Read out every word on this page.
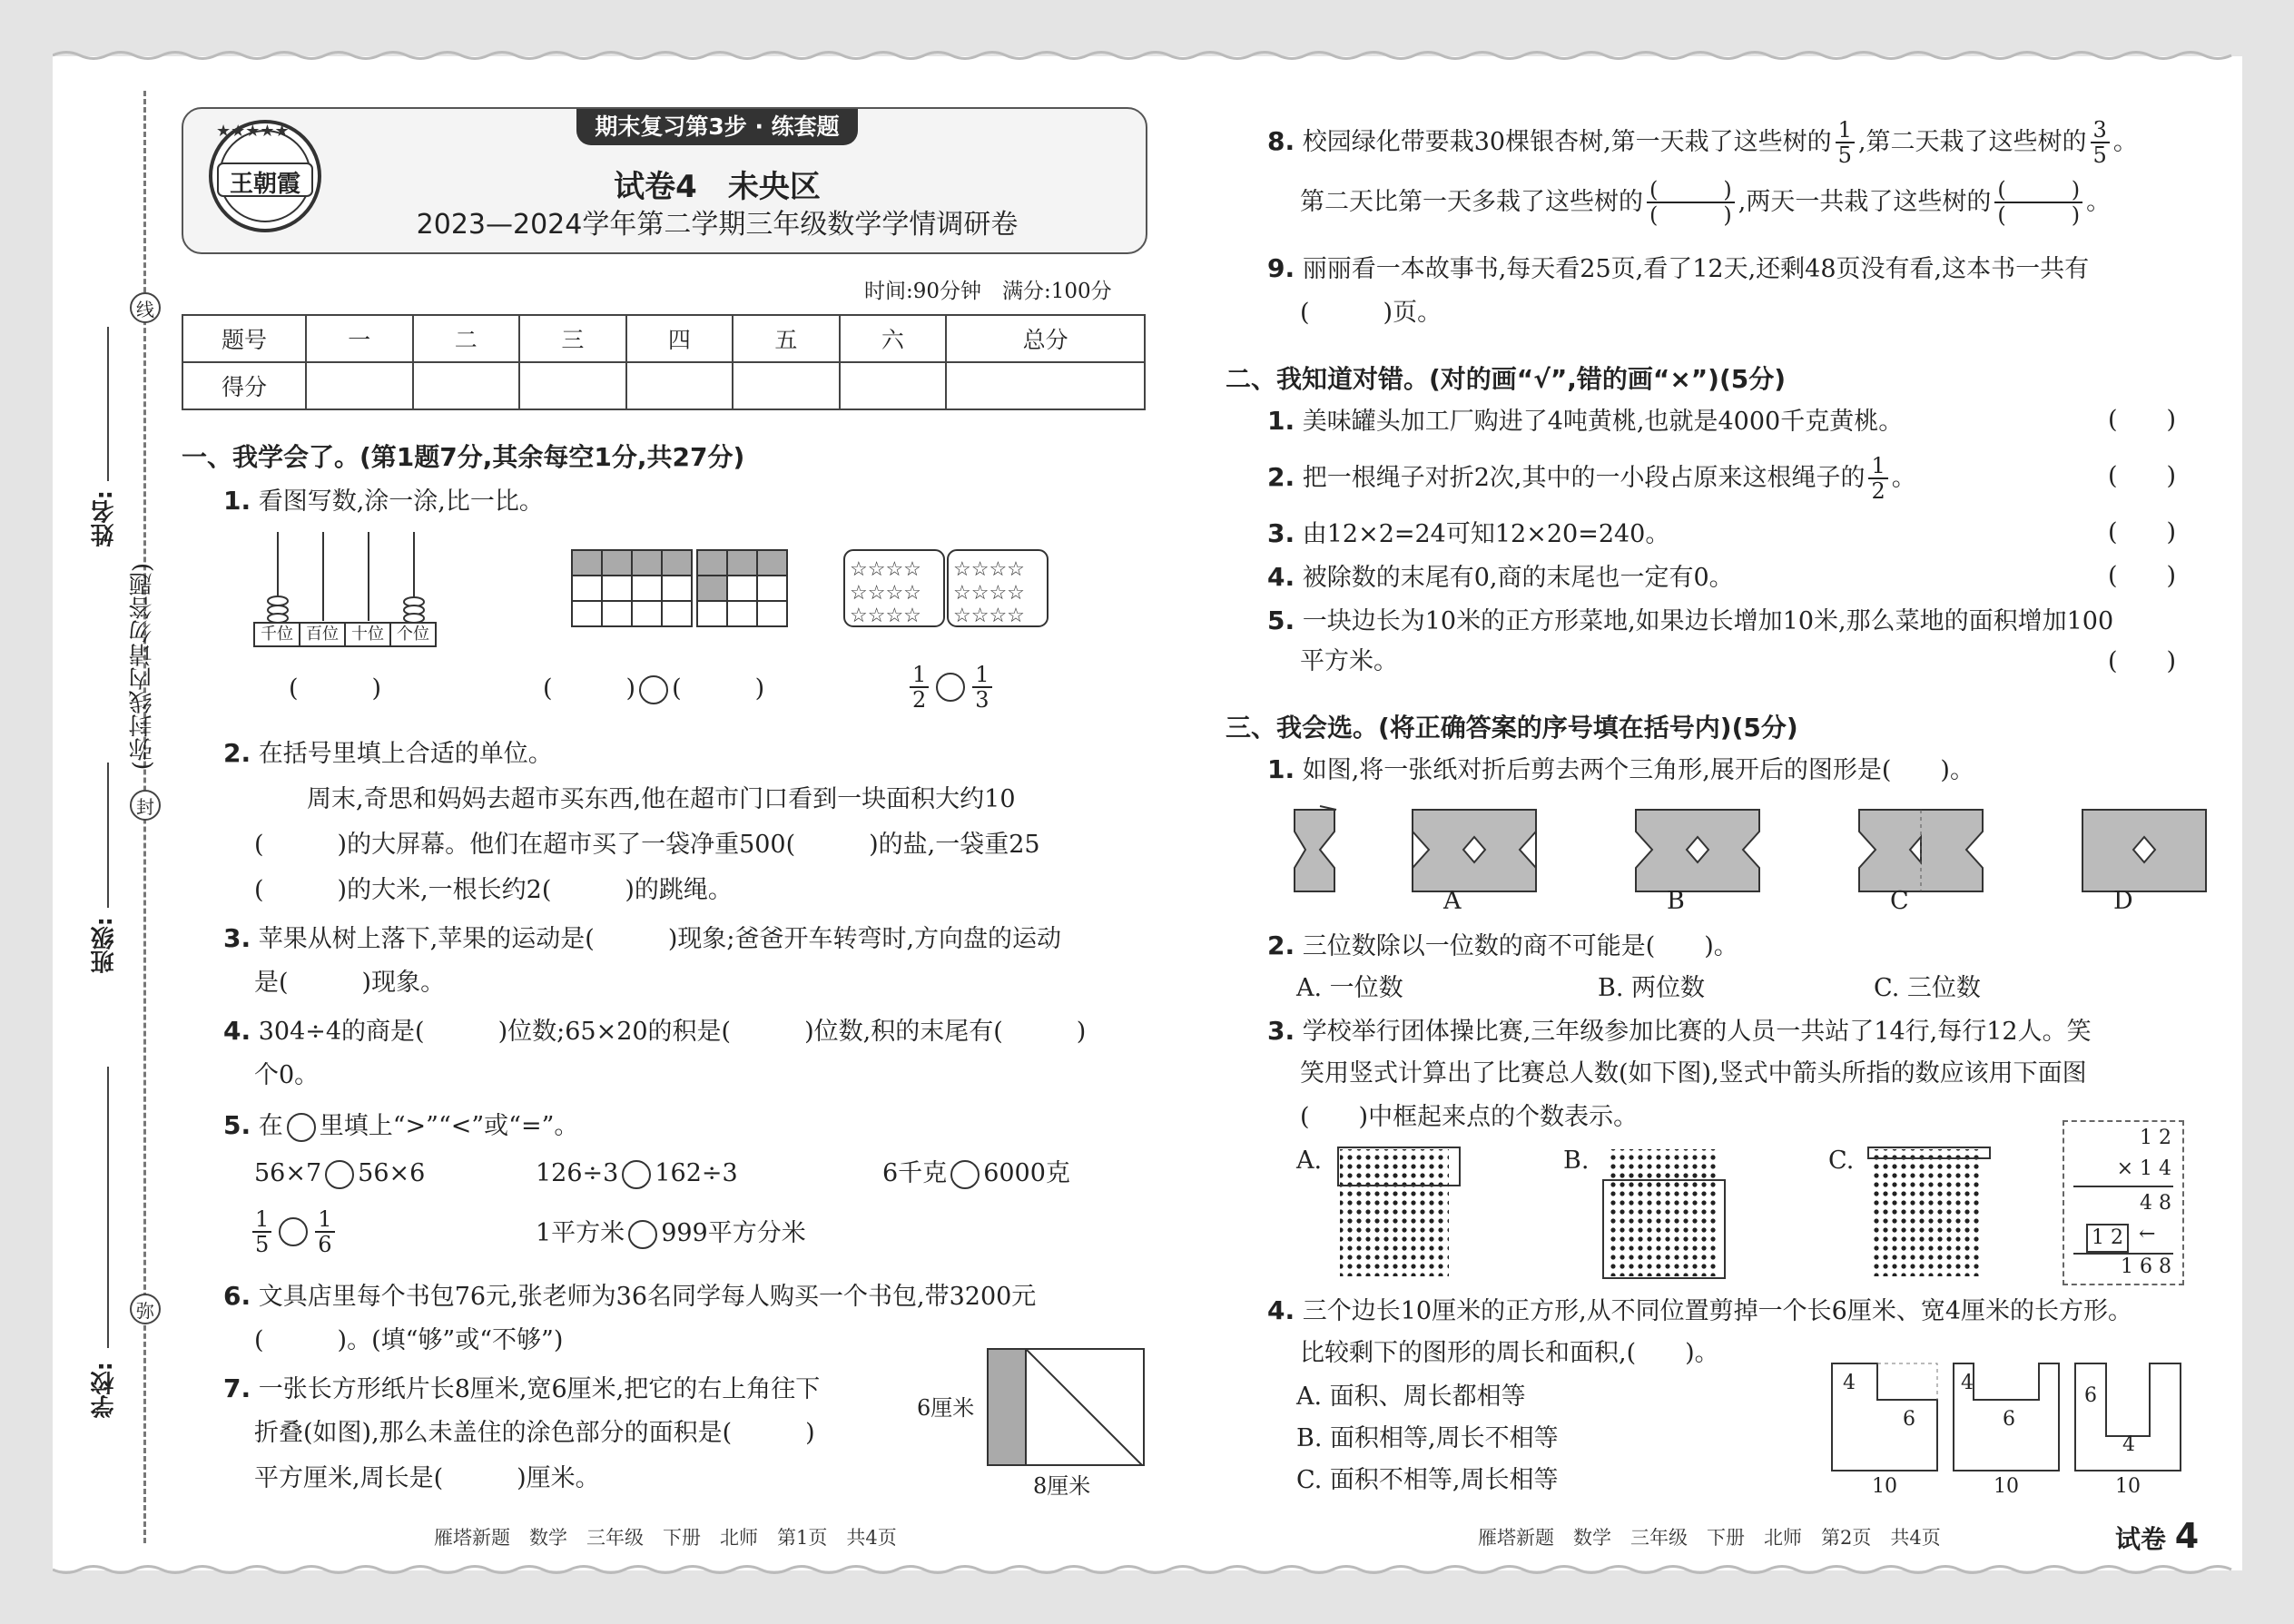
线
封
弥
(弥封线内请勿答题)
姓名:
班级:
学校:
★★★★★
王朝霞
期末复习第3步 · 练套题
试卷4　未央区
2023—2024学年第二学期三年级数学学情调研卷
时间:90分钟　满分:100分
题号	一	二	三	四	五	六	总分
得分							
一、我学会了。(第1题7分,其余每空1分,共27分)
1. 看图写数,涂一涂,比一比。
千位 百位 十位 个位
☆☆☆☆
☆☆☆☆
☆☆☆☆
☆☆☆☆
☆☆☆☆
☆☆☆☆
(　　　)	(　　　) (　　　)	$\frac{1}{2} \frac{1}{3}$
2. 在括号里填上合适的单位。
周末,奇思和妈妈去超市买东西,他在超市门口看到一块面积大约10
(　　　)的大屏幕。他们在超市买了一袋净重500(　　　)的盐,一袋重25
(　　　)的大米,一根长约2(　　　)的跳绳。
3. 苹果从树上落下,苹果的运动是(　　　)现象;爸爸开车转弯时,方向盘的运动
是(　　　)现象。
4. 304÷4的商是(　　　)位数;65×20的积是(　　　)位数,积的末尾有(　　　)
个0。
5. 在 里填上“>”“<”或“=”。
56×7 56×6	126÷3 162÷3	6千克 6000克
$\frac{1}{5} \frac{1}{6}$	1平方米 999平方分米
6. 文具店里每个书包76元,张老师为36名同学每人购买一个书包,带3200元
(　　　)。(填“够”或“不够”)
7. 一张长方形纸片长8厘米,宽6厘米,把它的右上角往下
折叠(如图),那么未盖住的涂色部分的面积是(　　　)
平方厘米,周长是(　　　)厘米。
6厘米
8厘米
8. 校园绿化带要栽30棵银杏树,第一天栽了这些树的 $\frac{1}{5}$ ,第二天栽了这些树的 $\frac{3}{5}$ 。
第二天比第一天多栽了这些树的 $\frac{( )}{( )}$ ,两天一共栽了这些树的 $\frac{( )}{( )}$ 。
9. 丽丽看一本故事书,每天看25页,看了12天,还剩48页没有看,这本书一共有
(　　　)页。
二、我知道对错。(对的画“√”,错的画“×”)(5分)
1. 美味罐头加工厂购进了4吨黄桃,也就是4000千克黄桃。	(　　)
2. 把一根绳子对折2次,其中的一小段占原来这根绳子的 $\frac{1}{2}$ 。	(　　)
3. 由12×2=24可知12×20=240。	(　　)
4. 被除数的末尾有0,商的末尾也一定有0。	(　　)
5. 一块边长为10米的正方形菜地,如果边长增加10米,那么菜地的面积增加100
平方米。	(　　)
三、我会选。(将正确答案的序号填在括号内)(5分)
1. 如图,将一张纸对折后剪去两个三角形,展开后的图形是(　　)。
A	B	C	D
2. 三位数除以一位数的商不可能是(　　)。
A. 一位数	B. 两位数	C. 三位数
3. 学校举行团体操比赛,三年级参加比赛的人员一共站了14行,每行12人。笑
笑用竖式计算出了比赛总人数(如下图),竖式中箭头所指的数应该用下面图
(　　)中框起来点的个数表示。
A.	B.	C.
1 2
× 1 4
4 8
1 2 ←
1 6 8
4. 三个边长10厘米的正方形,从不同位置剪掉一个长6厘米、宽4厘米的长方形。
比较剩下的图形的周长和面积,(　　)。
A. 面积、周长都相等
B. 面积相等,周长不相等
C. 面积不相等,周长相等
4
6
10
4
6
10
6
4
10
雁塔新题　数学　三年级　下册　北师　第1页　共4页	雁塔新题　数学　三年级　下册　北师　第2页　共4页	试卷 4
